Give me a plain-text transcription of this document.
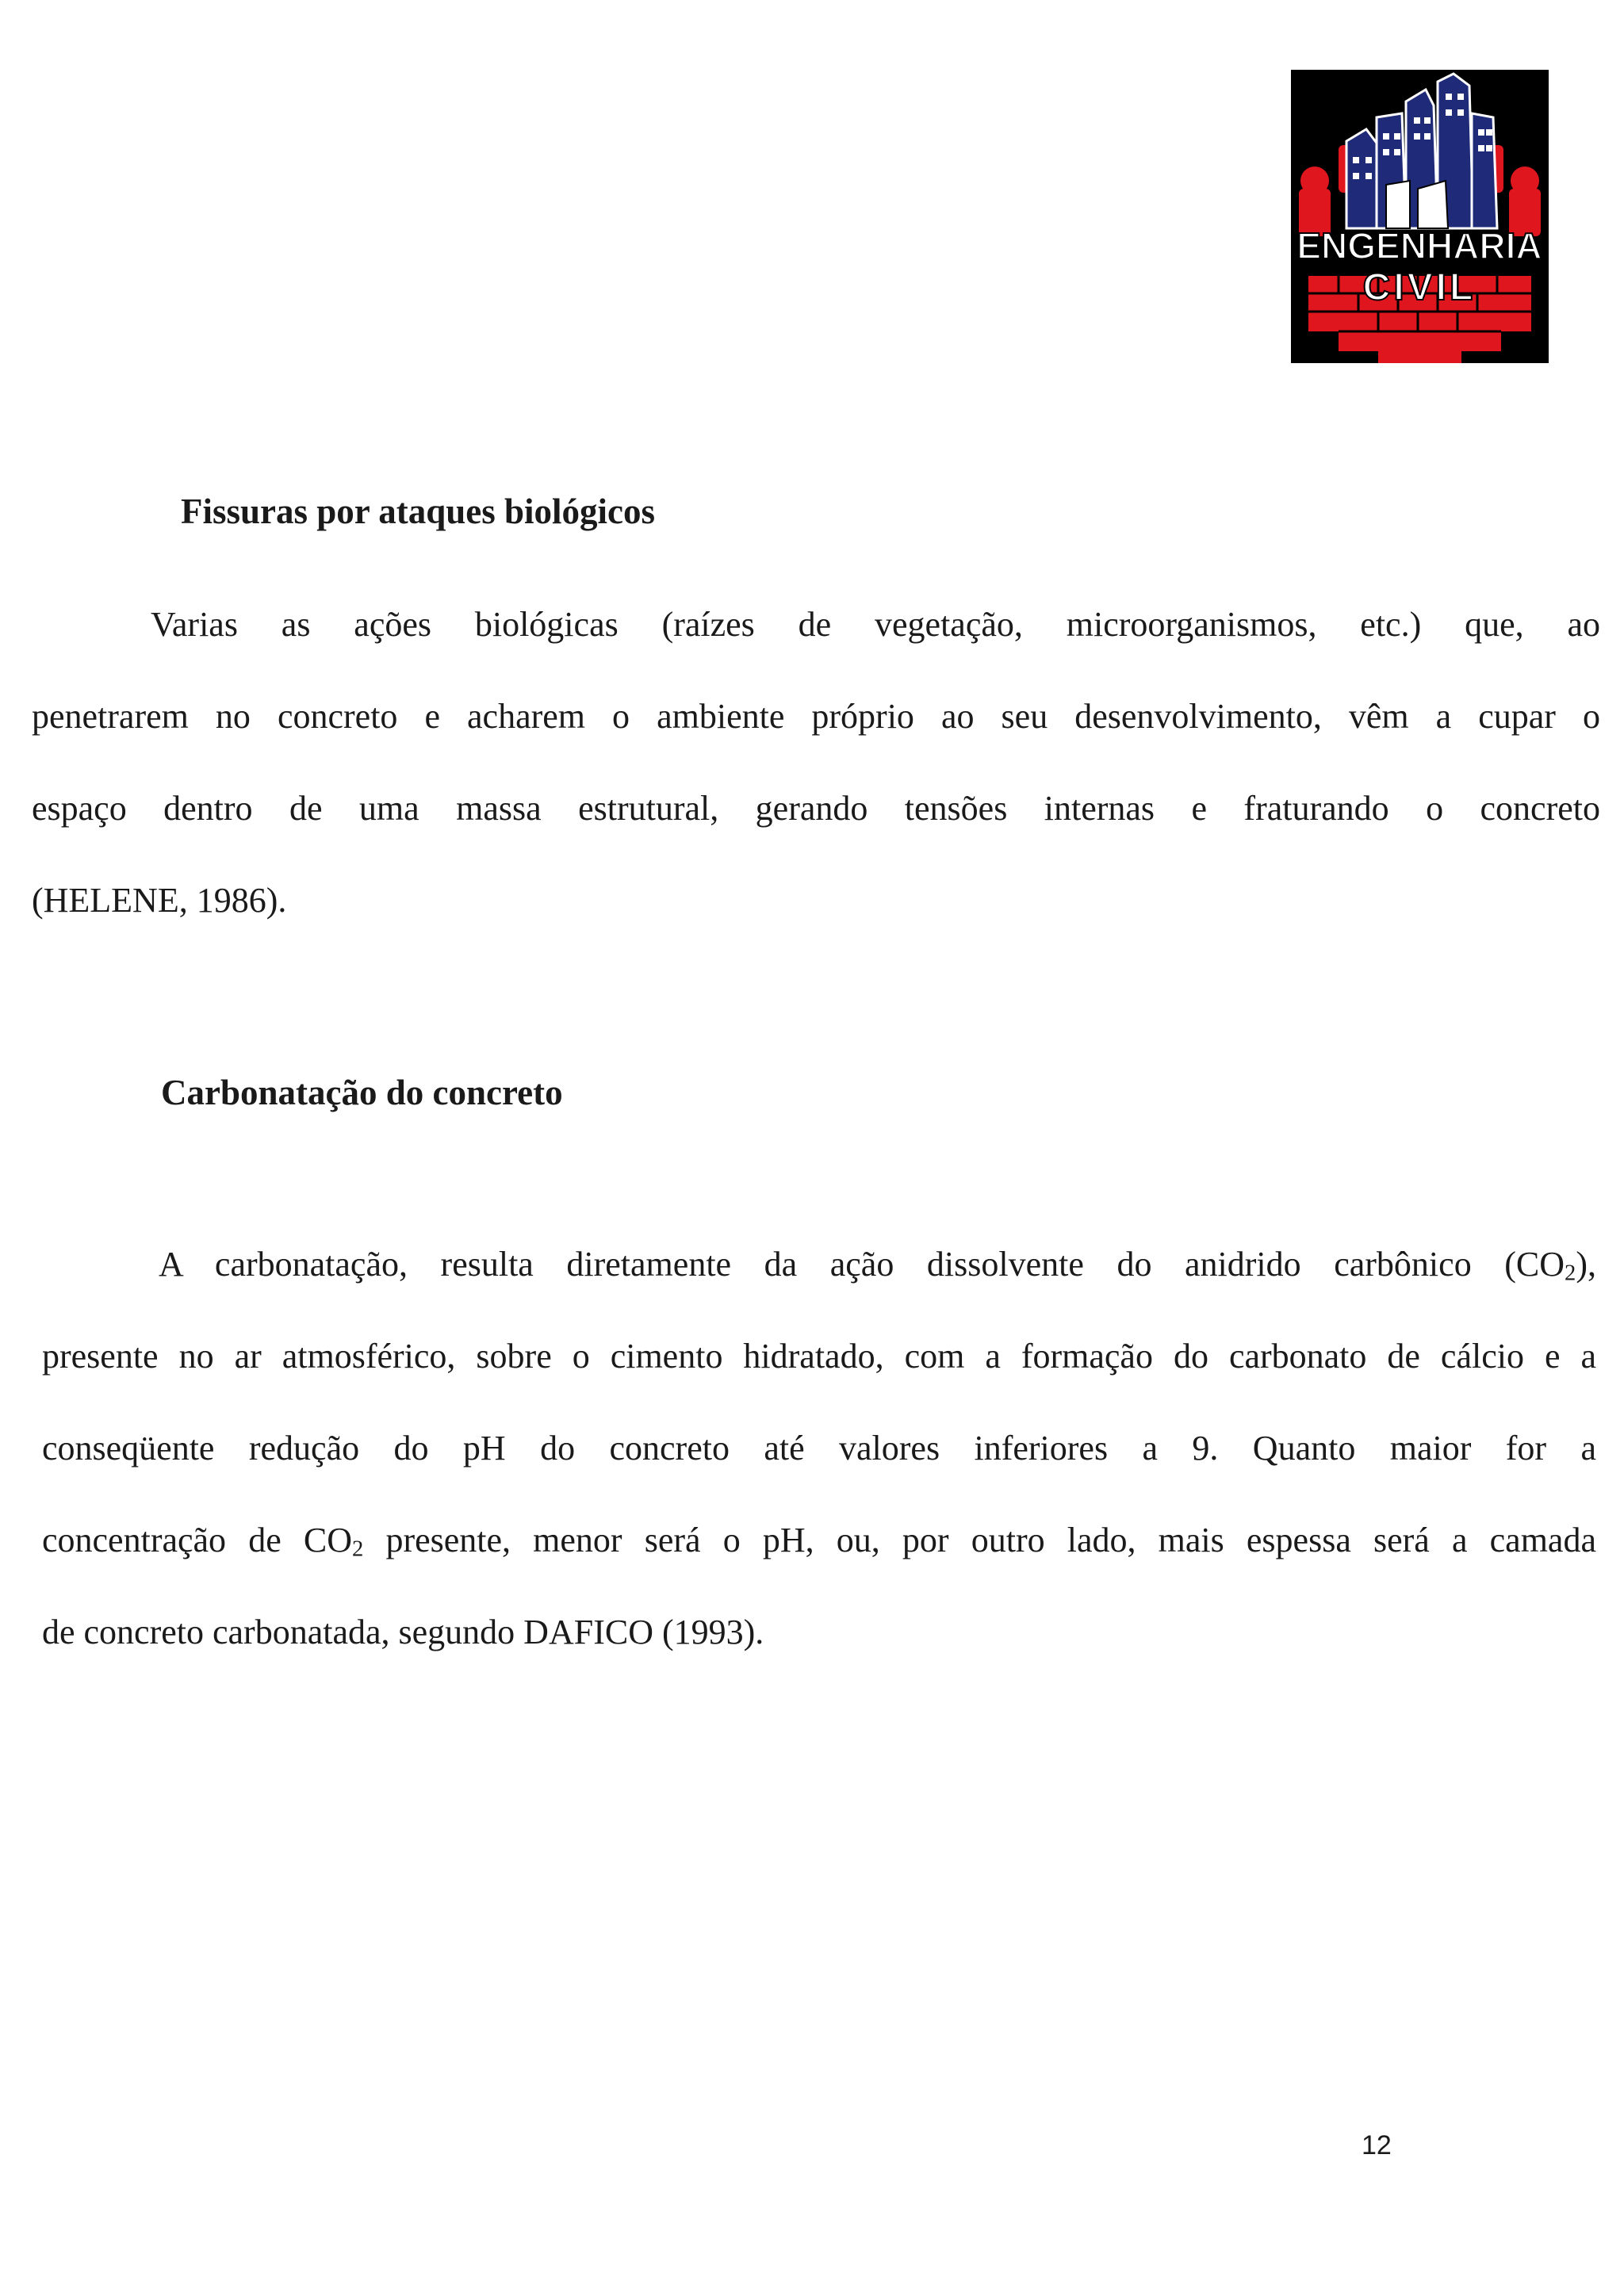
ENGENHARIA
CIVIL
Fissuras por ataques biológicos
Varias as ações biológicas (raízes de vegetação, microorganismos, etc.) que, ao
penetrarem no concreto e acharem o ambiente próprio ao seu desenvolvimento, vêm a cupar o
espaço dentro de uma massa estrutural, gerando tensões internas e fraturando o concreto
(HELENE, 1986).
Carbonatação do concreto
A carbonatação, resulta diretamente da ação dissolvente do anidrido carbônico $(CO_2)$,
presente no ar atmosférico, sobre o cimento hidratado, com a formação do carbonato de cálcio e a
conseqüente redução do pH do concreto até valores inferiores a 9. Quanto maior for a
concentração de $CO_2$ presente, menor será o pH, ou, por outro lado, mais espessa será a camada
de concreto carbonatada, segundo DAFICO (1993).
12
